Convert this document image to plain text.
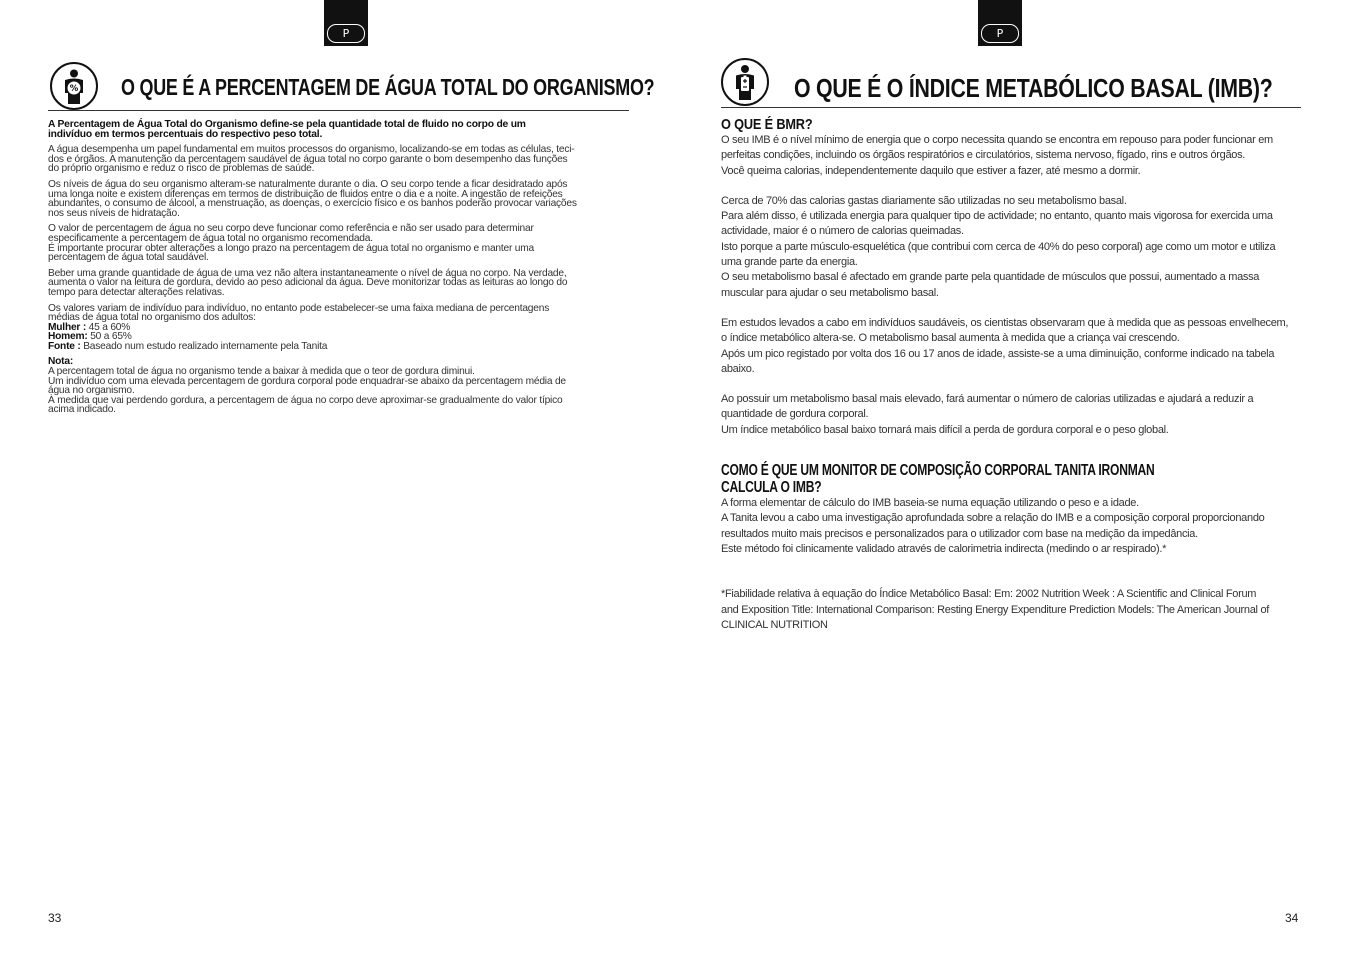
P
% O QUE É A PERCENTAGEM DE ÁGUA TOTAL DO ORGANISMO?

A Percentagem de Água Total do Organismo define-se pela quantidade total de fluido no corpo de um
indivíduo em termos percentuais do respectivo peso total.

A água desempenha um papel fundamental em muitos processos do organismo, localizando-se em todas as células, teci-
dos e órgãos. A manutenção da percentagem saudável de água total no corpo garante o bom desempenho das funções
do próprio organismo e reduz o risco de problemas de saúde.

Os níveis de água do seu organismo alteram-se naturalmente durante o dia. O seu corpo tende a ficar desidratado após
uma longa noite e existem diferenças em termos de distribuição de fluidos entre o dia e a noite. A ingestão de refeições
abundantes, o consumo de álcool, a menstruação, as doenças, o exercício físico e os banhos poderão provocar variações
nos seus níveis de hidratação.

O valor de percentagem de água no seu corpo deve funcionar como referência e não ser usado para determinar
especificamente a percentagem de água total no organismo recomendada.
É importante procurar obter alterações a longo prazo na percentagem de água total no organismo e manter uma
percentagem de água total saudável.

Beber uma grande quantidade de água de uma vez não altera instantaneamente o nível de água no corpo. Na verdade,
aumenta o valor na leitura de gordura, devido ao peso adicional da água. Deve monitorizar todas as leituras ao longo do
tempo para detectar alterações relativas.

Os valores variam de indivíduo para indivíduo, no entanto pode estabelecer-se uma faixa mediana de percentagens
médias de água total no organismo dos adultos:

Mulher : 45 a 60%
Homem: 50 a 65%
Fonte : Baseado num estudo realizado internamente pela Tanita
Nota:

A percentagem total de água no organismo tende a baixar à medida que o teor de gordura diminui.
Um indivíduo com uma elevada percentagem de gordura corporal pode enquadrar-se abaixo da percentagem média de
água no organismo.
À medida que vai perdendo gordura, a percentagem de água no corpo deve aproximar-se gradualmente do valor típico
acima indicado.

33
P
O QUE É O ÍNDICE METABÓLICO BASAL (IMB)?

O QUE É BMR?

O seu IMB é o nível mínimo de energia que o corpo necessita quando se encontra em repouso para poder funcionar em
perfeitas condições, incluindo os órgãos respiratórios e circulatórios, sistema nervoso, fígado, rins e outros órgãos.
Você queima calorias, independentemente daquilo que estiver a fazer, até mesmo a dormir.

Cerca de 70% das calorias gastas diariamente são utilizadas no seu metabolismo basal.
Para além disso, é utilizada energia para qualquer tipo de actividade; no entanto, quanto mais vigorosa for exercida uma
actividade, maior é o número de calorias queimadas.
Isto porque a parte músculo-esquelética (que contribui com cerca de 40% do peso corporal) age como um motor e utiliza
uma grande parte da energia.
O seu metabolismo basal é afectado em grande parte pela quantidade de músculos que possui, aumentado a massa
muscular para ajudar o seu metabolismo basal.

Em estudos levados a cabo em indivíduos saudáveis, os cientistas observaram que à medida que as pessoas envelhecem,
o índice metabólico altera-se. O metabolismo basal aumenta à medida que a criança vai crescendo.
Após um pico registado por volta dos 16 ou 17 anos de idade, assiste-se a uma diminuição, conforme indicado na tabela
abaixo.

Ao possuir um metabolismo basal mais elevado, fará aumentar o número de calorias utilizadas e ajudará a reduzir a
quantidade de gordura corporal.
Um índice metabólico basal baixo tornará mais difícil a perda de gordura corporal e o peso global.

COMO É QUE UM MONITOR DE COMPOSIÇÃO CORPORAL TANITA IRONMAN CALCULA O IMB?

A forma elementar de cálculo do IMB baseia-se numa equação utilizando o peso e a idade.
A Tanita levou a cabo uma investigação aprofundada sobre a relação do IMB e a composição corporal proporcionando
resultados muito mais precisos e personalizados para o utilizador com base na medição da impedância.
Este método foi clinicamente validado através de calorimetria indirecta (medindo o ar respirado).*

*Fiabilidade relativa à equação do Índice Metabólico Basal: Em: 2002 Nutrition Week : A Scientific and Clinical Forum
and Exposition Title: International Comparison: Resting Energy Expenditure Prediction Models: The American Journal of
CLINICAL NUTRITION

34
